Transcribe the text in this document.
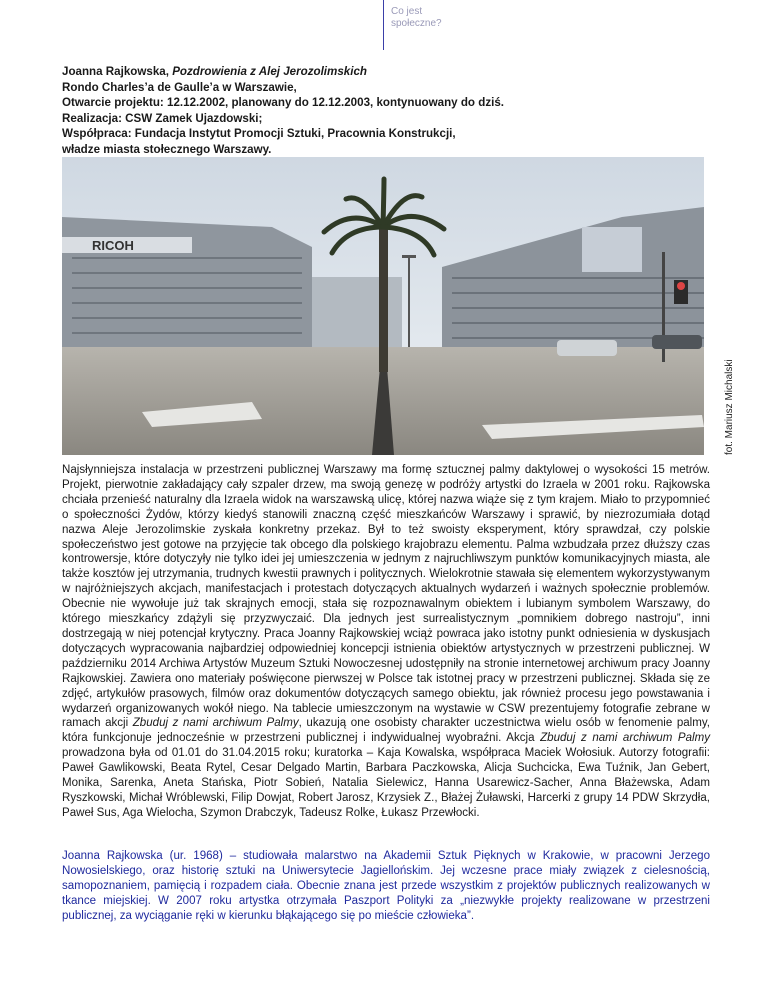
Co jest
społeczne?
Joanna Rajkowska, Pozdrowienia z Alej Jerozolimskich
Rondo Charles’a de Gaulle’a w Warszawie,
Otwarcie projektu: 12.12.2002, planowany do 12.12.2003, kontynuowany do dziś.
Realizacja: CSW Zamek Ujazdowski;
Współpraca: Fundacja Instytut Promocji Sztuki, Pracownia Konstrukcji,
władze miasta stołecznego Warszawy.
RICOH
fot. Mariusz Michalski
Najsłynniejsza instalacja w przestrzeni publicznej Warszawy ma formę sztucznej palmy daktylowej o wysokości 15 metrów. Projekt, pierwotnie zakładający cały szpaler drzew, ma swoją genezę w podróży artystki do Izraela w 2001 roku. Rajkowska chciała przenieść naturalny dla Izraela widok na warszawską ulicę, której nazwa wiąże się z tym krajem. Miało to przypomnieć o społeczności Żydów, którzy kiedyś stanowili znaczną część mieszkańców Warszawy i sprawić, by niezrozumiała dotąd nazwa Aleje Jerozolimskie zyskała konkretny przekaz. Był to też swoisty eksperyment, który sprawdzał, czy polskie społeczeństwo jest gotowe na przyjęcie tak obcego dla polskiego krajobrazu elementu. Palma wzbudzała przez dłuższy czas kontrowersje, które dotyczyły nie tylko idei jej umieszczenia w jednym z najruchliwszym punktów komunikacyjnych miasta, ale także kosztów jej utrzymania, trudnych kwestii prawnych i politycznych. Wielokrotnie stawała się elementem wykorzystywanym w najróżniejszych akcjach, manifestacjach i protestach dotyczących aktualnych wydarzeń i ważnych społecznie problemów. Obecnie nie wywołuje już tak skrajnych emocji, stała się rozpoznawalnym obiektem i lubianym symbolem Warszawy, do którego mieszkańcy zdążyli się przyzwyczaić. Dla jednych jest surrealistycznym „pomnikiem dobrego nastroju”, inni dostrzegają w niej potencjał krytyczny. Praca Joanny Rajkowskiej wciąż powraca jako istotny punkt odniesienia w dyskusjach dotyczących wypracowania najbardziej odpowiedniej koncepcji istnienia obiektów artystycznych w przestrzeni publicznej. W październiku 2014 Archiwa Artystów Muzeum Sztuki Nowoczesnej udostępniły na stronie internetowej archiwum pracy Joanny Rajkowskiej. Zawiera ono materiały poświęcone pierwszej w Polsce tak istotnej pracy w przestrzeni publicznej. Składa się ze zdjęć, artykułów prasowych, filmów oraz dokumentów dotyczących samego obiektu, jak również procesu jego powstawania i wydarzeń organizowanych wokół niego. Na tablecie umieszczonym na wystawie w CSW prezentujemy fotografie zebrane w ramach akcji Zbuduj z nami archiwum Palmy, ukazują one osobisty charakter uczestnictwa wielu osób w fenomenie palmy, która funkcjonuje jednocześnie w przestrzeni publicznej i indywidualnej wyobraźni. Akcja Zbuduj z nami archiwum Palmy prowadzona była od 01.01 do 31.04.2015 roku; kuratorka – Kaja Kowalska, współpraca Maciek Wołosiuk. Autorzy fotografii: Paweł Gawlikowski, Beata Rytel, Cesar Delgado Martin, Barbara Paczkowska, Alicja Suchcicka, Ewa Tuźnik, Jan Gebert, Monika, Sarenka, Aneta Stańska, Piotr Sobień, Natalia Sielewicz, Hanna Usarewicz-Sacher, Anna Błażewska, Adam Ryszkowski, Michał Wróblewski, Filip Dowjat, Robert Jarosz, Krzysiek Z., Błażej Żuławski, Harcerki z grupy 14 PDW Skrzydła, Paweł Sus, Aga Wielocha, Szymon Drabczyk, Tadeusz Rolke, Łukasz Przewłocki.
Joanna Rajkowska (ur. 1968) – studiowała malarstwo na Akademii Sztuk Pięknych w Krakowie, w pracowni Jerzego Nowosielskiego, oraz historię sztuki na Uniwersytecie Jagiellońskim. Jej wczesne prace miały związek z cielesnością, samopoznaniem, pamięcią i rozpadem ciała. Obecnie znana jest przede wszystkim z projektów publicznych realizowanych w tkance miejskiej. W 2007 roku artystka otrzymała Paszport Polityki za „niezwykłe projekty realizowane w przestrzeni publicznej, za wyciąganie ręki w kierunku błąkającego się po mieście człowieka”.
